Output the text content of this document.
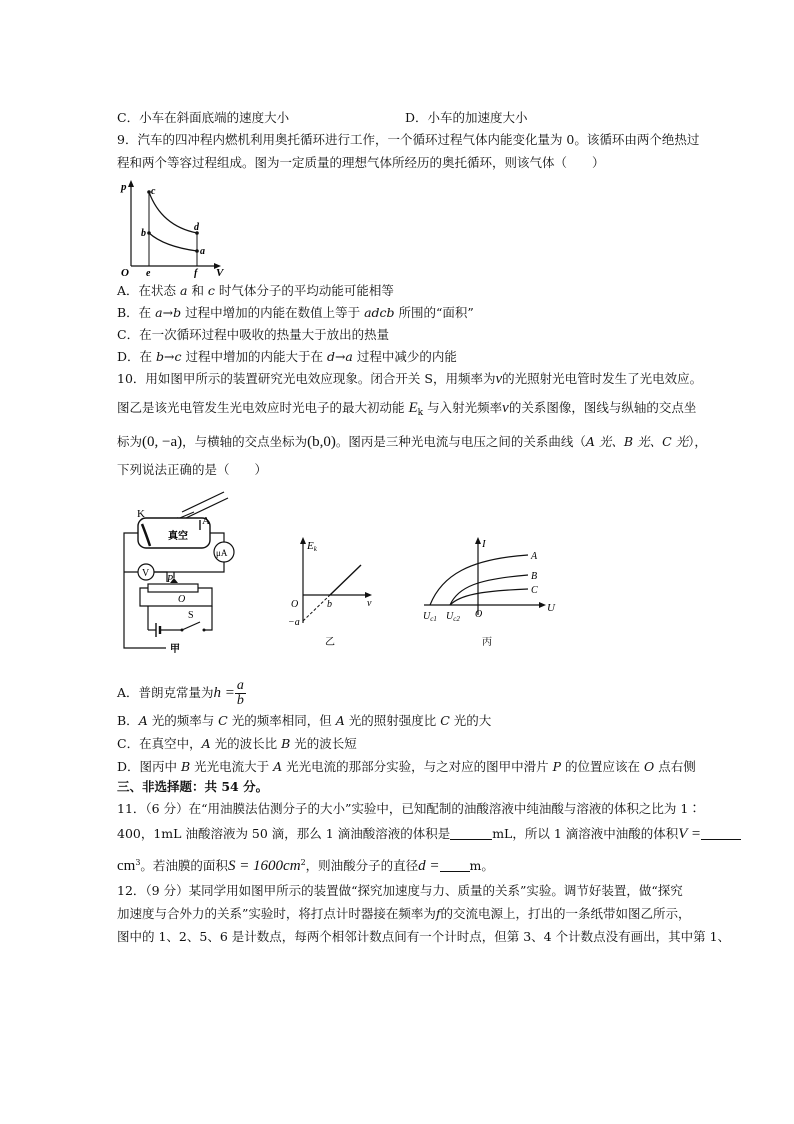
C．小车在斜面底端的速度大小	D．小车的加速度大小
9．汽车的四冲程内燃机利用奥托循环进行工作，一个循环过程气体内能变化量为 0。该循环由两个绝热过
程和两个等容过程组成。图为一定质量的理想气体所经历的奥托循环，则该气体（　　）
p
V
O
c
b
d
a
e	f
A．在状态 a 和 c 时气体分子的平均动能可能相等
B．在 a→b 过程中增加的内能在数值上等于 adcb 所围的“面积”
C．在一次循环过程中吸收的热量大于放出的热量
D．在 b→c 过程中增加的内能大于在 d→a 过程中减少的内能
10．用如图甲所示的装置研究光电效应现象。闭合开关 S，用频率为ν的光照射光电管时发生了光电效应。
图乙是该光电管发生光电效应时光电子的最大初动能 $E_k$ 与入射光频率ν的关系图像，图线与纵轴的交点坐
标为(0, −a)，与横轴的交点坐标为(b,0)。图丙是三种光电流与电压之间的关系曲线（A 光、B 光、C 光），
下列说法正确的是（　　）
真空
K
A
μA
V
P
O
S
甲
Ek
O	b	ν
−a
乙
I
A
B
C
U
$U_{c1}$ $U_{c2}$ O
丙
A．普朗克常量为$h = \frac{a}{b}$
B．A 光的频率与 C 光的频率相同，但 A 光的照射强度比 C 光的大
C．在真空中，A 光的波长比 B 光的波长短
D．图丙中 B 光光电流大于 A 光光电流的那部分实验，与之对应的图甲中滑片 P 的位置应该在 O 点右侧
三、非选择题：共 54 分。
11．（6 分）在“用油膜法估测分子的大小”实验中，已知配制的油酸溶液中纯油酸与溶液的体积之比为 1∶
400，1mL 油酸溶液为 50 滴，那么 1 滴油酸溶液的体积是	mL，所以 1 滴溶液中油酸的体积V =
$cm^3$。若油膜的面积$S = 1600cm^2$，则油酸分子的直径d = m。
12．（9 分）某同学用如图甲所示的装置做“探究加速度与力、质量的关系”实验。调节好装置，做“探究
加速度与合外力的关系”实验时，将打点计时器接在频率为f的交流电源上，打出的一条纸带如图乙所示，
图中的 1、2、5、6 是计数点，每两个相邻计数点间有一个计时点，但第 3、4 个计数点没有画出，其中第 1、
